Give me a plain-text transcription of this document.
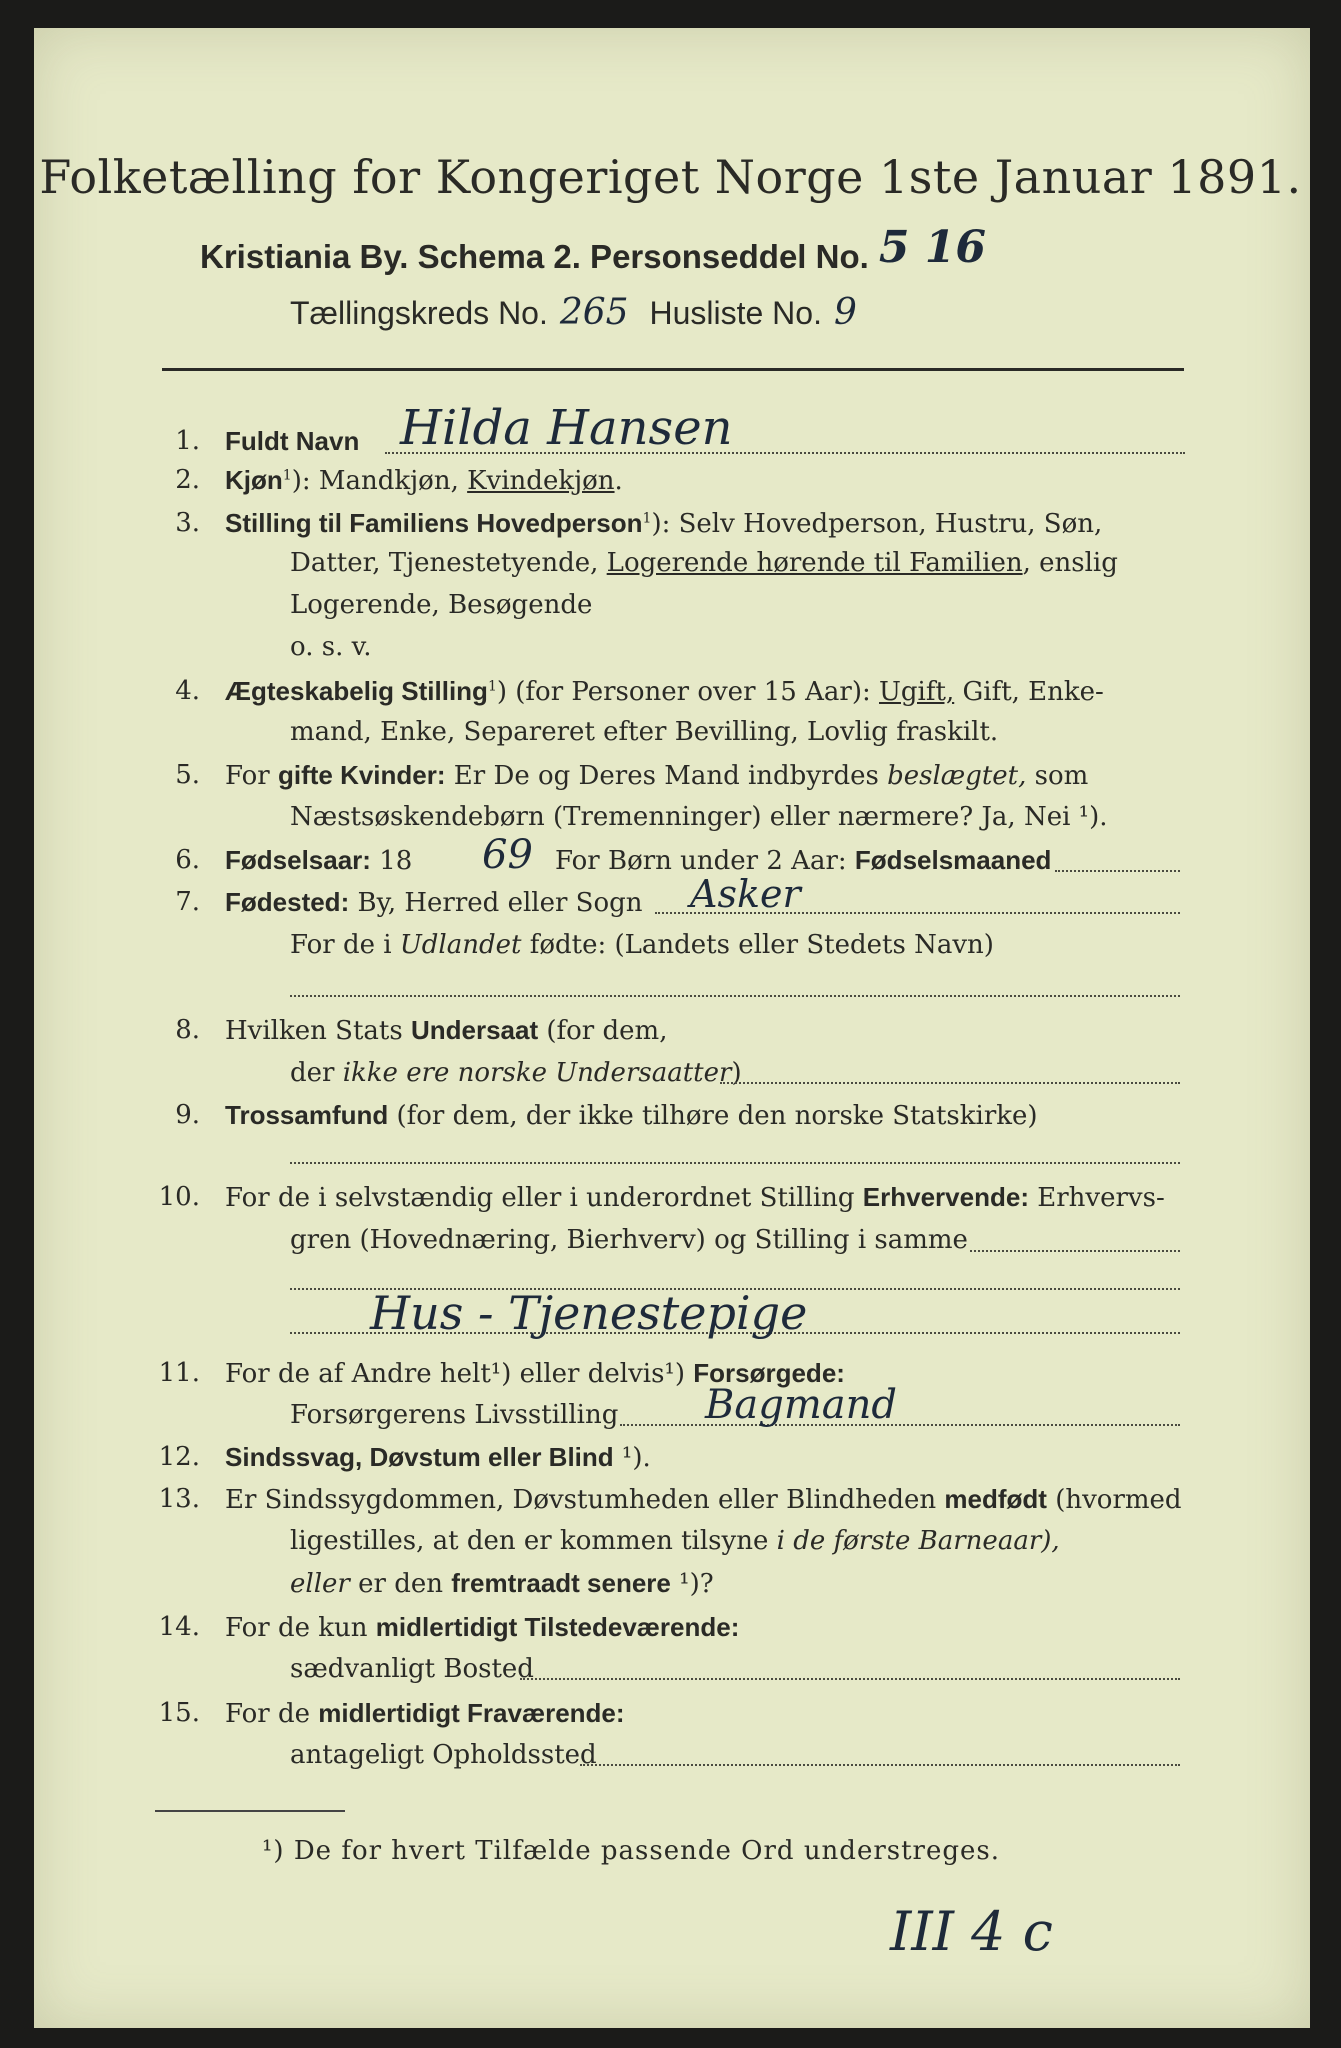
Folketælling for Kongeriget Norge 1ste Januar 1891.
Kristiania By. Schema 2. Personseddel No. 5 16
Tællingskreds No. 265 Husliste No. 9
1. Fuldt Navn Hilda Hansen
2. Kjøn$^1$): Mandkjøn, Kvindekjøn.
3. Stilling til Familiens Hovedperson$^1$): Selv Hovedperson, Hustru, Søn,
Datter, Tjenestetyende, Logerende hørende til Familien, enslig
Logerende, Besøgende
o. s. v.
4. Ægteskabelig Stilling$^1$) (for Personer over 15 Aar): Ugift, Gift, Enke-
mand, Enke, Separeret efter Bevilling, Lovlig fraskilt.
5. For gifte Kvinder: Er De og Deres Mand indbyrdes beslægtet, som
Næstsøskendebørn (Tremenninger) eller nærmere? Ja, Nei ¹).
6. Fødselsaar: 18 69 For Børn under 2 Aar: Fødselsmaaned
7. Fødested: By, Herred eller Sogn Asker
For de i Udlandet fødte: (Landets eller Stedets Navn)
8. Hvilken Stats Undersaat (for dem,
der ikke ere norske Undersaatter)
9. Trossamfund (for dem, der ikke tilhøre den norske Statskirke)
10. For de i selvstændig eller i underordnet Stilling Erhvervende: Erhvervs-
gren (Hovednæring, Bierhverv) og Stilling i samme
Hus - Tjenestepige
11. For de af Andre helt¹) eller delvis¹) Forsørgede:
Forsørgerens Livsstilling Bagmand
12. Sindssvag, Døvstum eller Blind ¹).
13. Er Sindssygdommen, Døvstumheden eller Blindheden medfødt (hvormed
ligestilles, at den er kommen tilsyne i de første Barneaar),
eller er den fremtraadt senere ¹)?
14. For de kun midlertidigt Tilstedeværende:
sædvanligt Bosted
15. For de midlertidigt Fraværende:
antageligt Opholdssted
¹) De for hvert Tilfælde passende Ord understreges.
III 4 c
